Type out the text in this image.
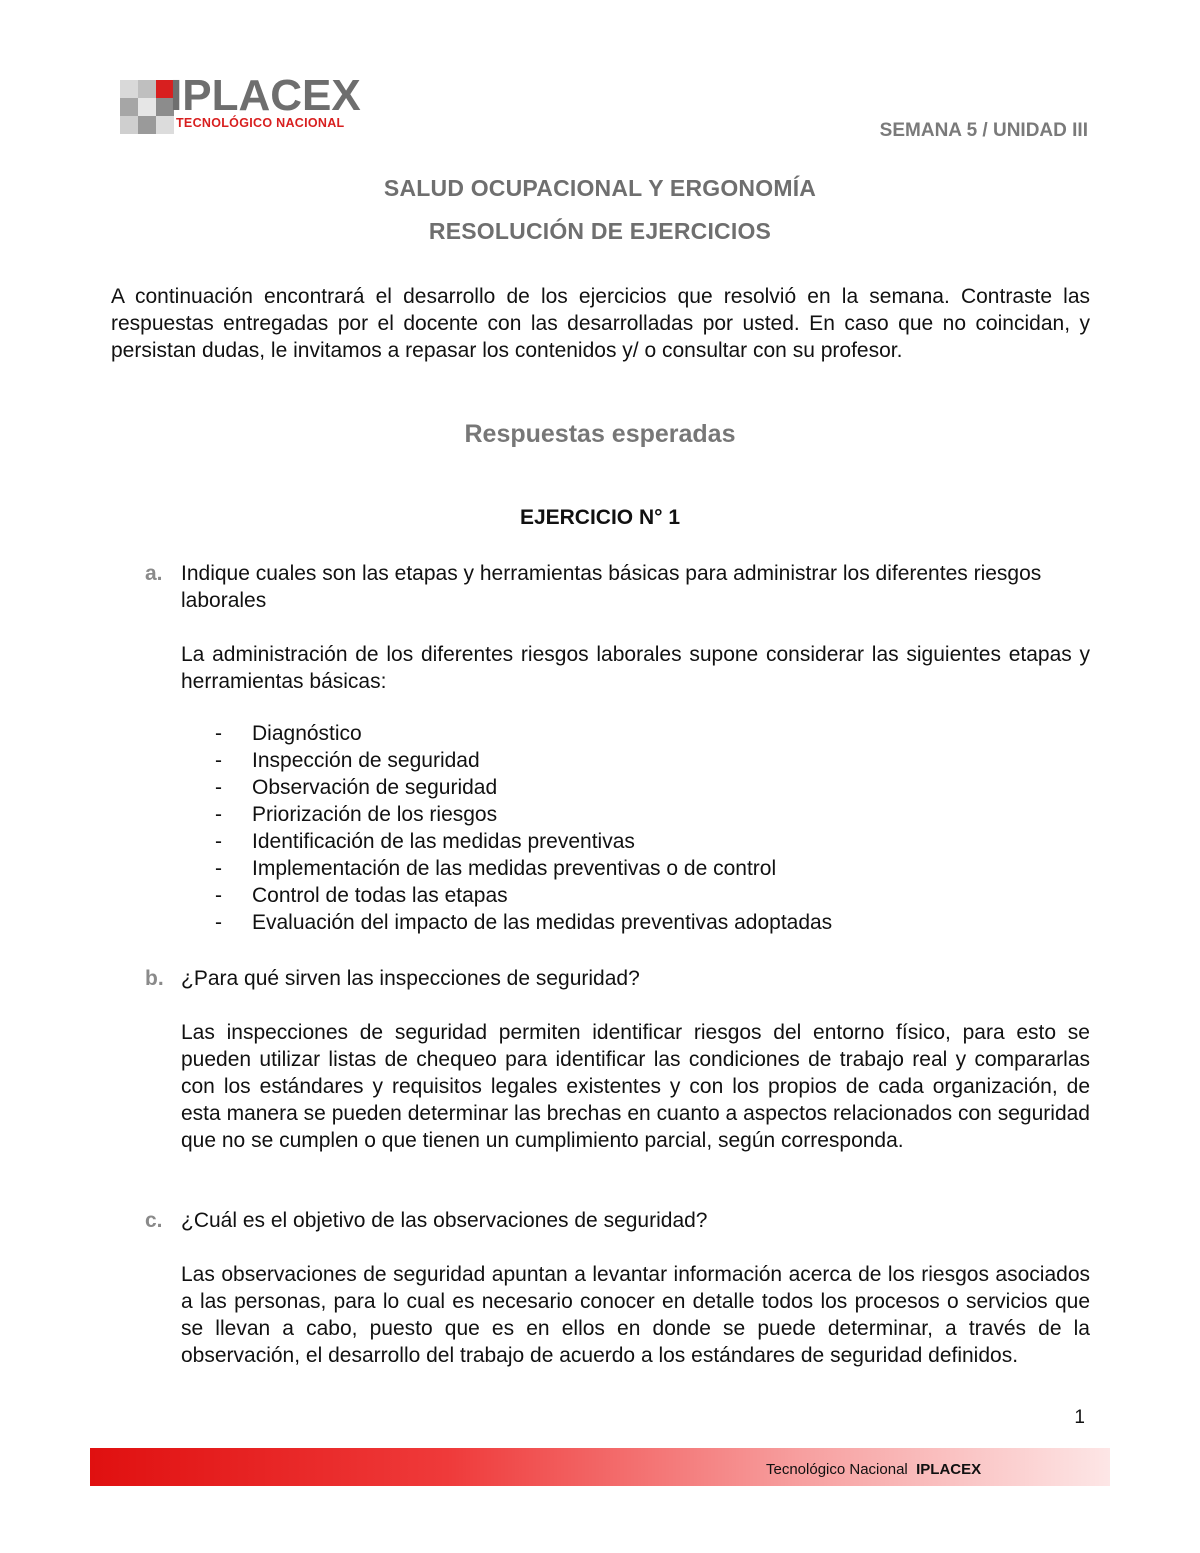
IPLACEX
TECNOLÓGICO NACIONAL	SEMANA 5 / UNIDAD III
SALUD OCUPACIONAL Y ERGONOMÍA
RESOLUCIÓN DE EJERCICIOS
A continuación encontrará el desarrollo de los ejercicios que resolvió en la semana. Contraste las respuestas entregadas por el docente con las desarrolladas por usted. En caso que no coincidan, y persistan dudas, le invitamos a repasar los contenidos y/ o consultar con su profesor.
Respuestas esperadas
EJERCICIO N° 1
a. Indique cuales son las etapas y herramientas básicas para administrar los diferentes riesgos laborales
La administración de los diferentes riesgos laborales supone considerar las siguientes etapas y herramientas básicas:
- Diagnóstico
- Inspección de seguridad
- Observación de seguridad
- Priorización de los riesgos
- Identificación de las medidas preventivas
- Implementación de las medidas preventivas o de control
- Control de todas las etapas
- Evaluación del impacto de las medidas preventivas adoptadas
b. ¿Para qué sirven las inspecciones de seguridad?
Las inspecciones de seguridad permiten identificar riesgos del entorno físico, para esto se pueden utilizar listas de chequeo para identificar las condiciones de trabajo real y compararlas con los estándares y requisitos legales existentes y con los propios de cada organización, de esta manera se pueden determinar las brechas en cuanto a aspectos relacionados con seguridad que no se cumplen o que tienen un cumplimiento parcial, según corresponda.
c. ¿Cuál es el objetivo de las observaciones de seguridad?
Las observaciones de seguridad apuntan a levantar información acerca de los riesgos asociados a las personas, para lo cual es necesario conocer en detalle todos los procesos o servicios que se llevan a cabo, puesto que es en ellos en donde se puede determinar, a través de la observación, el desarrollo del trabajo de acuerdo a los estándares de seguridad definidos.
1
Tecnológico Nacional IPLACEX
